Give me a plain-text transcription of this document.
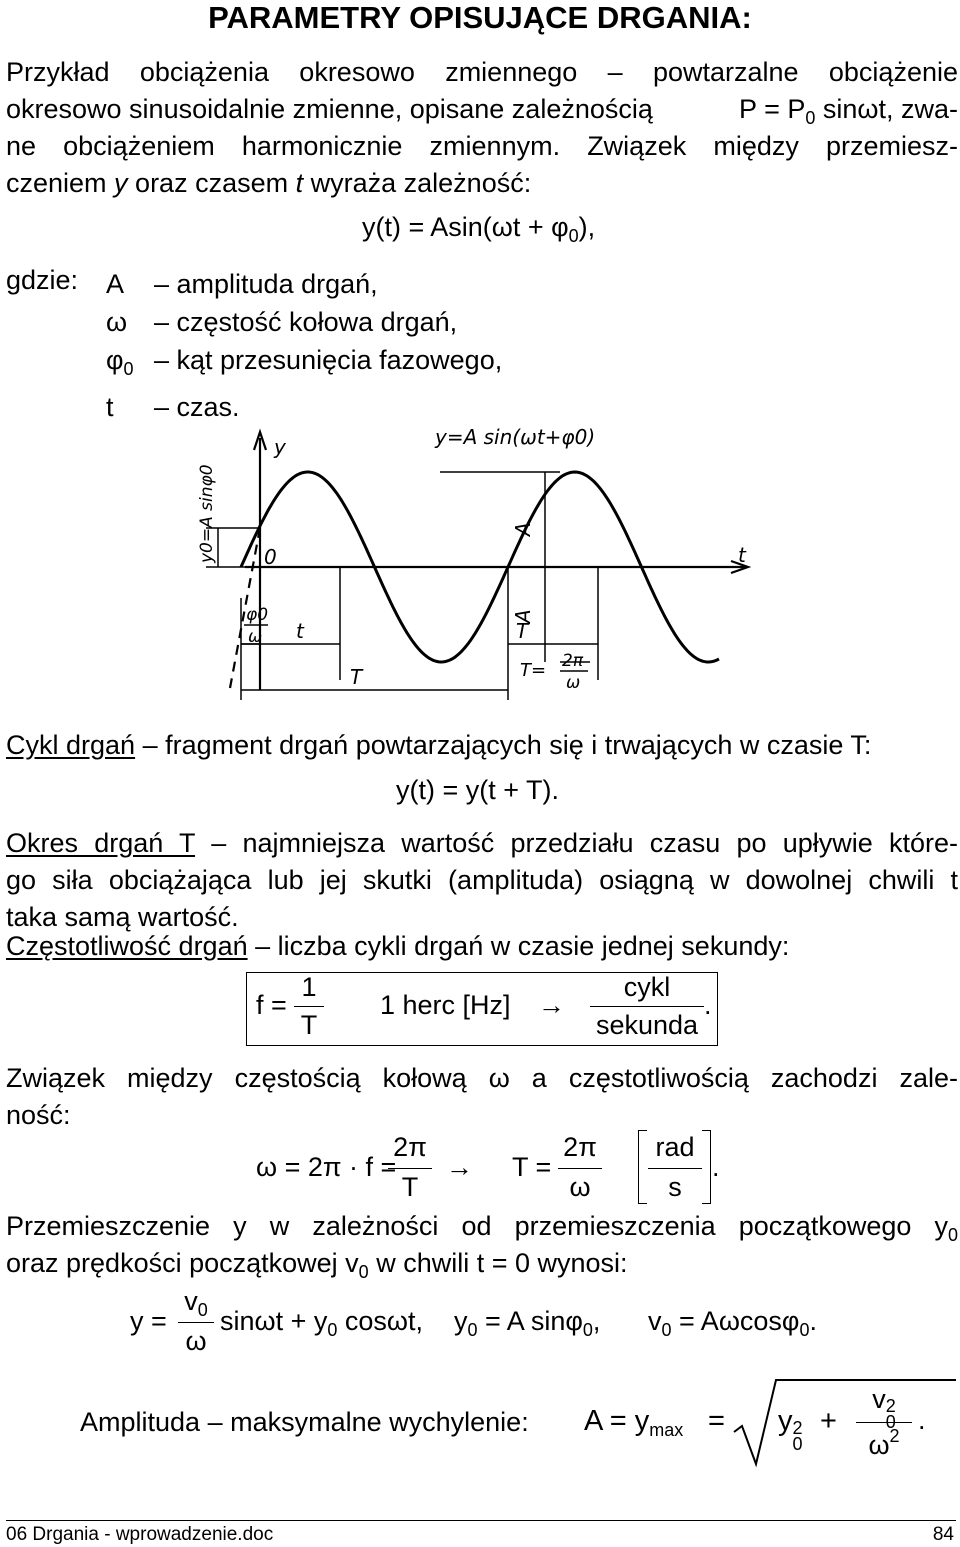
PARAMETRY OPISUJĄCE DRGANIA:
Przykład obciążenia okresowo zmiennego – powtarzalne obciążenie
okresowo sinusoidalnie zmienne, opisane zależnością	$P = P_0$ sinωt, zwa-
ne obciążeniem harmonicznie zmiennym. Związek między przemiesz-
czeniem y oraz czasem t wyraża zależność:
$y(t) = Asin(\omega t + \varphi_0)$,
gdzie: A – amplituda drgań,
ω – częstość kołowa drgań,
$\varphi_0$ – kąt przesunięcia fazowego,
t – czas.
y
t
0
y=A sin(ωt+φ0)
y0=A sinφ0	A
A
φ0
ω t
T
T
T= 2π
ω
Cykl drgań – fragment drgań powtarzających się i trwających w czasie T:
y(t) = y(t + T).
Okres drgań T – najmniejsza wartość przedziału czasu po upływie które-
go siła obciążająca lub jej skutki (amplituda) osiągną w dowolnej chwili t
taka samą wartość.
Częstotliwość drgań – liczba cykli drgań w czasie jednej sekundy:
f =
1
T
1 herc [Hz] →
cykl
sekunda
.
Związek między częstością kołową ω a częstotliwością zachodzi zale-
ność:
ω = 2π · f =
2π
T
→ T =
2π
ω
rad
s
.
Przemieszczenie y w zależności od przemieszczenia początkowego $y_0$
oraz prędkości początkowej $v_0$ w chwili t = 0 wynosi:
y =
$v_0$
ω
$\sin\omega t + y_0$ cosωt, $y_0 = A$ sinφ$_0$, $v_0 = A\omega\cos\varphi_0$.
Amplituda – maksymalne wychylenie: $A = y_{max} = y$ 2
0
+
v 2
0
$\omega^2$
.
06 Drgania - wprowadzenie.doc	84
